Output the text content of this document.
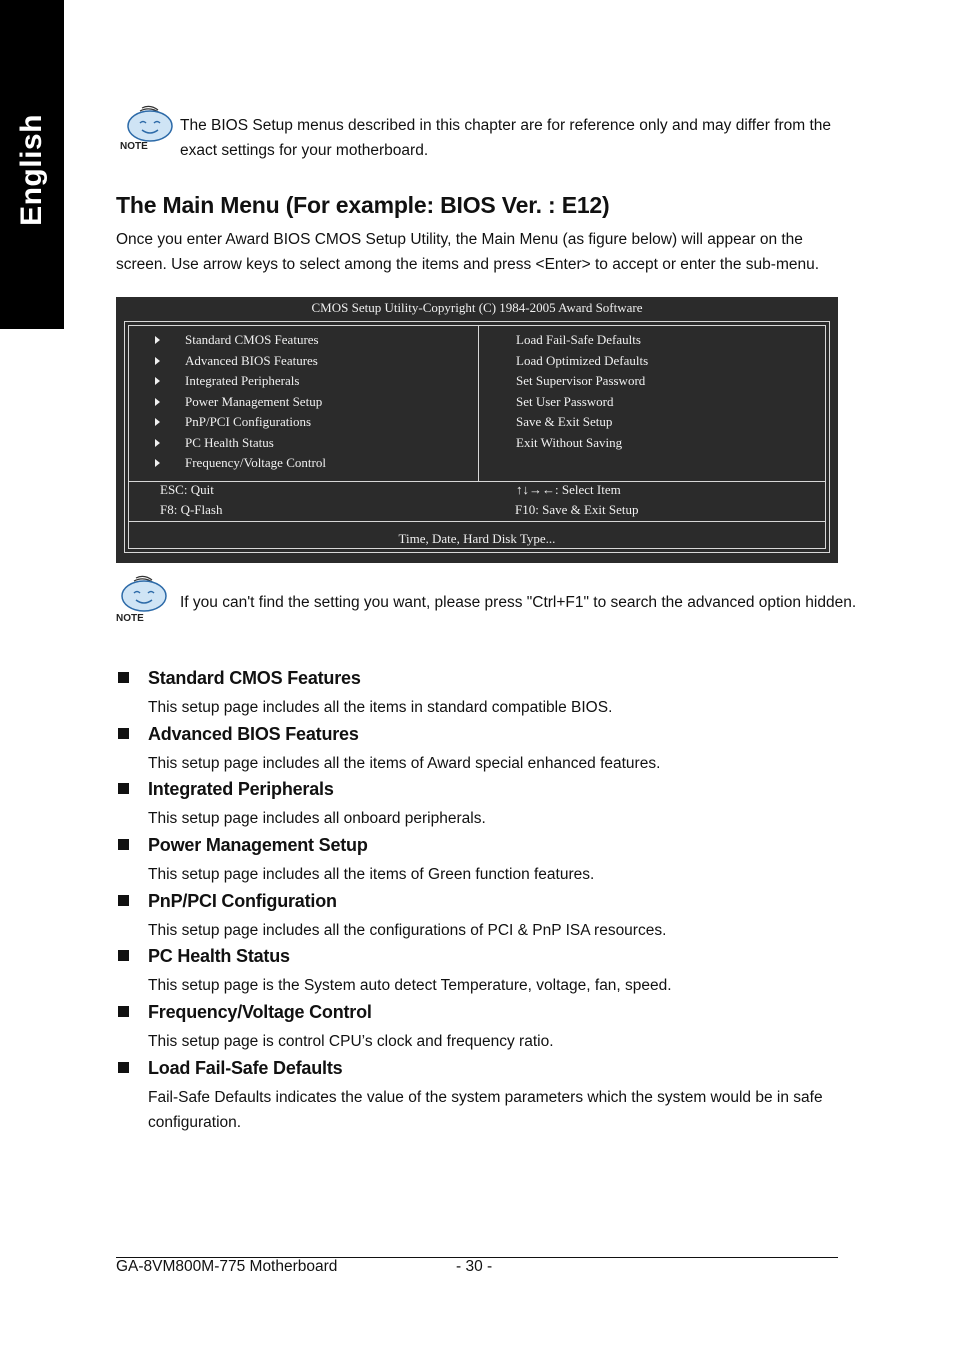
English	NOTE
The BIOS Setup menus described in this chapter are for reference only and may differ from the exact settings for your motherboard.
The Main Menu (For example: BIOS Ver. : E12)

Once you enter Award BIOS CMOS Setup Utility, the Main Menu (as figure below) will appear on the screen. Use arrow keys to select among the items and press <Enter> to accept or enter the sub-menu.

CMOS Setup Utility-Copyright (C) 1984-2005 Award Software
Standard CMOS Features
Advanced BIOS Features
Integrated Peripherals
Power Management Setup
PnP/PCI Configurations
PC Health Status
Frequency/Voltage Control
Load Fail-Safe Defaults
Load Optimized Defaults
Set Supervisor Password
Set User Password
Save & Exit Setup
Exit Without Saving
ESC: Quit	↑↓→←: Select Item
F8: Q-Flash	F10: Save & Exit Setup
Time, Date, Hard Disk Type...
NOTE
If you can't find the setting you want, please press "Ctrl+F1" to search the advanced option hidden.
Standard CMOS Features
This setup page includes all the items in standard compatible BIOS.
Advanced BIOS Features
This setup page includes all the items of Award special enhanced features.
Integrated Peripherals
This setup page includes all onboard peripherals.
Power Management Setup
This setup page includes all the items of Green function features.
PnP/PCI Configuration
This setup page includes all the configurations of PCI & PnP ISA resources.
PC Health Status
This setup page is the System auto detect Temperature, voltage, fan, speed.
Frequency/Voltage Control
This setup page is control CPU’s clock and frequency ratio.
Load Fail-Safe Defaults
Fail-Safe Defaults indicates the value of the system parameters which the system would be in safe configuration.
GA-8VM800M-775 Motherboard	- 30 -
